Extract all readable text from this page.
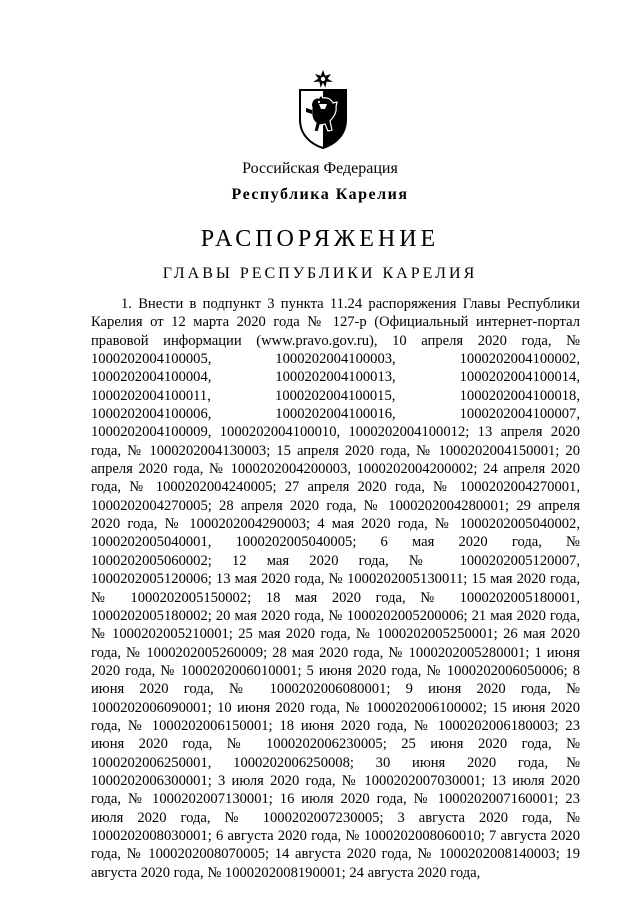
Российская Федерация
Республика Карелия
РАСПОРЯЖЕНИЕ
ГЛАВЫ РЕСПУБЛИКИ КАРЕЛИЯ

1. Внести в подпункт 3 пункта 11.24 распоряжения Главы Республики Карелия от 12 марта 2020 года № 127-р (Официальный интернет-портал правовой информации (www.pravo.gov.ru), 10 апреля 2020 года, № 1000202004100005, 1000202004100003, 1000202004100002, 1000202004100004, 1000202004100013, 1000202004100014, 1000202004100011, 1000202004100015, 1000202004100018, 1000202004100006, 1000202004100016, 1000202004100007, 1000202004100009, 1000202004100010, 1000202004100012; 13 апреля 2020 года, № 1000202004130003; 15 апреля 2020 года, № 1000202004150001; 20 апреля 2020 года, № 1000202004200003, 1000202004200002; 24 апреля 2020 года, № 1000202004240005; 27 апреля 2020 года, № 1000202004270001, 1000202004270005; 28 апреля 2020 года, № 1000202004280001; 29 апреля 2020 года, № 1000202004290003; 4 мая 2020 года, № 1000202005040002, 1000202005040001, 1000202005040005; 6 мая 2020 года, № 1000202005060002; 12 мая 2020 года, № 1000202005120007, 1000202005120006; 13 мая 2020 года, № 1000202005130011; 15 мая 2020 года, № 1000202005150002; 18 мая 2020 года, № 1000202005180001, 1000202005180002; 20 мая 2020 года, № 1000202005200006; 21 мая 2020 года, № 1000202005210001; 25 мая 2020 года, № 1000202005250001; 26 мая 2020 года, № 1000202005260009; 28 мая 2020 года, № 1000202005280001; 1 июня 2020 года, № 1000202006010001; 5 июня 2020 года, № 1000202006050006; 8 июня 2020 года, № 1000202006080001; 9 июня 2020 года, № 1000202006090001; 10 июня 2020 года, № 1000202006100002; 15 июня 2020 года, № 1000202006150001; 18 июня 2020 года, № 1000202006180003; 23 июня 2020 года, № 1000202006230005; 25 июня 2020 года, № 1000202006250001, 1000202006250008; 30 июня 2020 года,№ 1000202006300001; 3 июля 2020 года, № 1000202007030001; 13 июля 2020 года, № 1000202007130001; 16 июля 2020 года, № 1000202007160001; 23 июля 2020 года, № 1000202007230005; 3 августа 2020 года, № 1000202008030001; 6 августа 2020 года, № 1000202008060010; 7 августа 2020 года, № 1000202008070005; 14 августа 2020 года, № 1000202008140003; 19 августа 2020 года, № 1000202008190001; 24 августа 2020 года,
